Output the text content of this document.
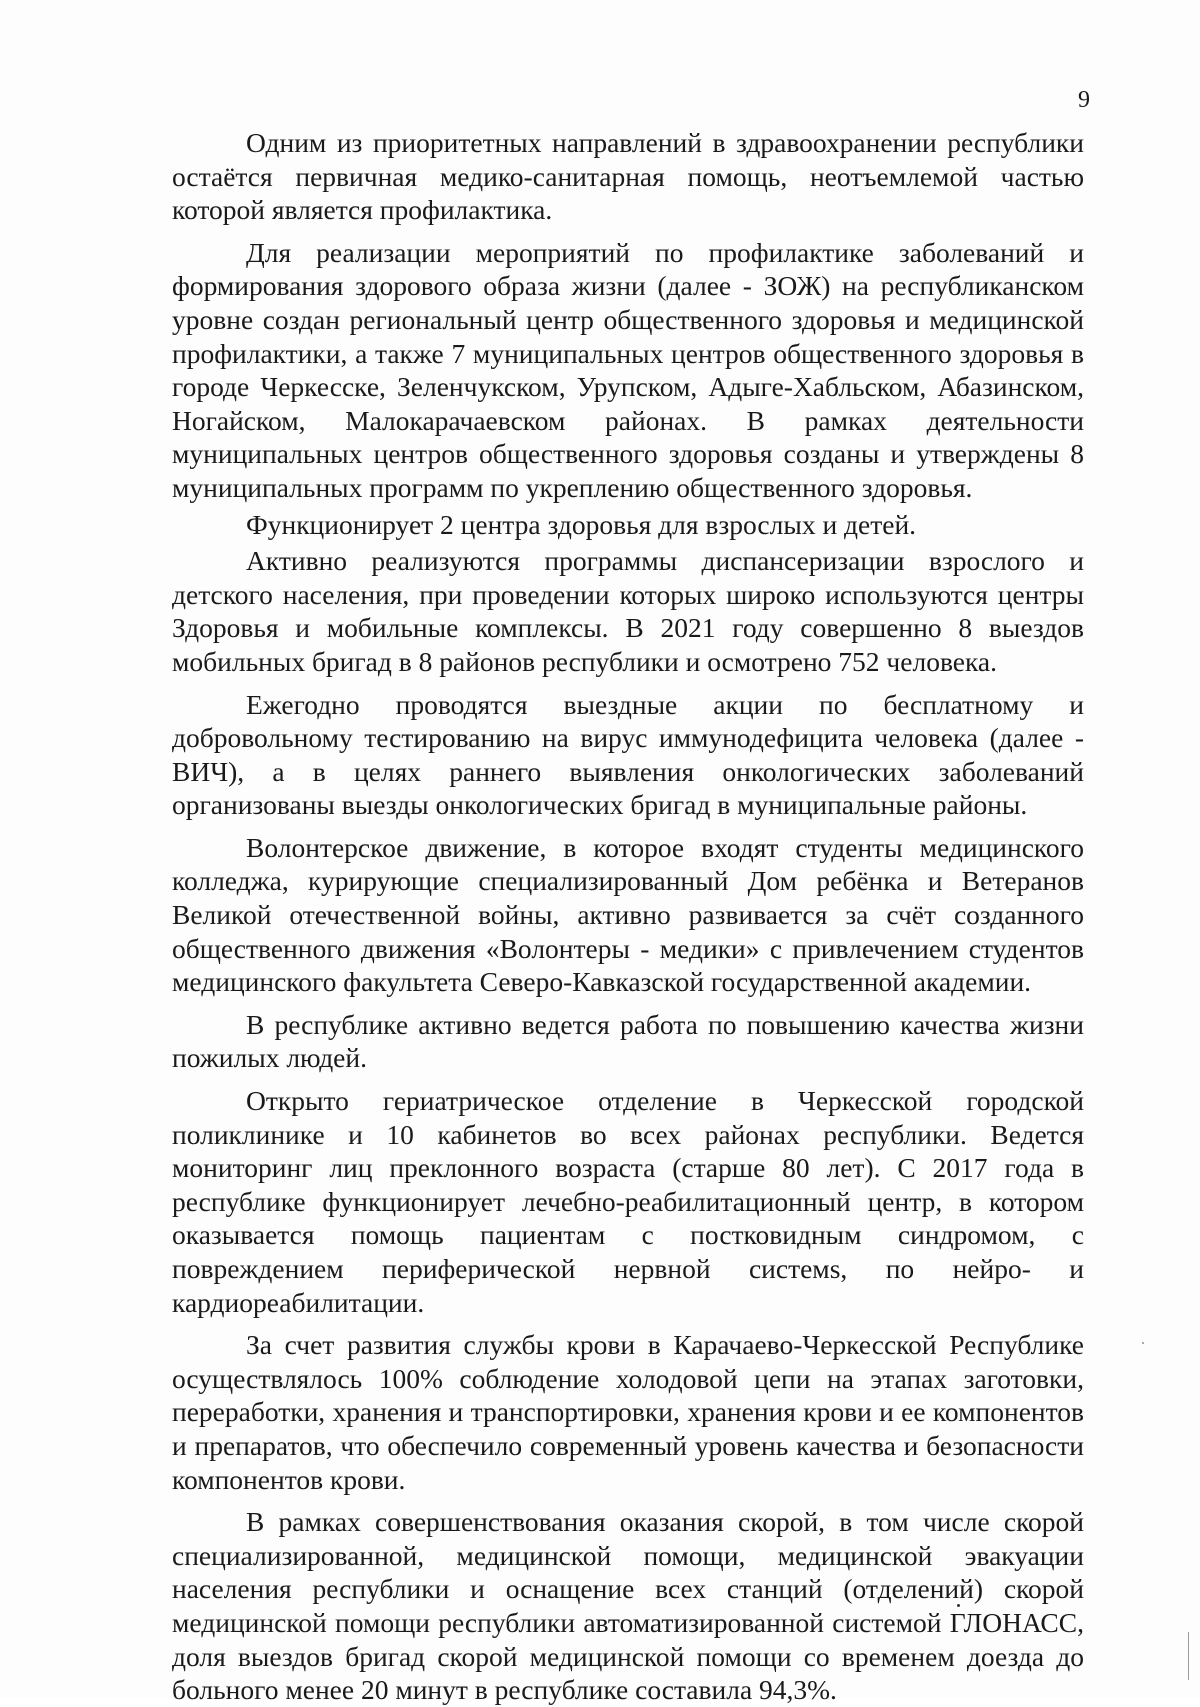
9

Одним из приоритетных направлений в здравоохранении республики остаётся первичная медико-санитарная помощь, неотъемлемой частью которой является профилактика.

Для реализации мероприятий по профилактике заболеваний и формирования здорового образа жизни (далее - ЗОЖ) на республиканском уровне создан региональный центр общественного здоровья и медицинской профилактики, а также 7 муниципальных центров общественного здоровья в городе Черкесске, Зеленчукском, Урупском, Адыге-Хабльском, Абазинском, Ногайском, Малокарачаевском районах. В рамках деятельности муниципальных центров общественного здоровья созданы и утверждены 8 муниципальных программ по укреплению общественного здоровья.

Функционирует 2 центра здоровья для взрослых и детей.

Активно реализуются программы диспансеризации взрослого и детского населения, при проведении которых широко используются центры Здоровья и мобильные комплексы. В 2021 году совершенно 8 выездов мобильных бригад в 8 районов республики и осмотрено 752 человека.

Ежегодно проводятся выездные акции по бесплатному и добровольному тестированию на вирус иммунодефицита человека (далее - ВИЧ), а в целях раннего выявления онкологических заболеваний организованы выезды онкологических бригад в муниципальные районы.

Волонтерское движение, в которое входят студенты медицинского колледжа, курирующие специализированный Дом ребёнка и Ветеранов Великой отечественной войны, активно развивается за счёт созданного общественного движения «Волонтеры - медики» с привлечением студентов медицинского факультета Северо-Кавказской государственной академии.

В республике активно ведется работа по повышению качества жизни пожилых людей.

Открыто гериатрическое отделение в Черкесской городской поликлинике и 10 кабинетов во всех районах республики. Ведется мониторинг лиц преклонного возраста (старше 80 лет). С 2017 года в республике функционирует лечебно-реабилитационный центр, в котором оказывается помощь пациентам с постковидным синдромом, с повреждением периферической нервной системs, по нейро- и кардиореабилитации.

За счет развития службы крови в Карачаево-Черкесской Республике осуществлялось 100% соблюдение холодовой цепи на этапах заготовки, переработки, хранения и транспортировки, хранения крови и ее компонентов и препаратов, что обеспечило современный уровень качества и безопасности компонентов крови.

В рамках совершенствования оказания скорой, в том числе скорой специализированной, медицинской помощи, медицинской эвакуации населения республики и оснащение всех станций (отделений) скорой медицинской помощи республики автоматизированной системой ГЛОНАСС, доля выездов бригад скорой медицинской помощи со временем доезда до больного менее 20 минут в республике составила 94,3%.
